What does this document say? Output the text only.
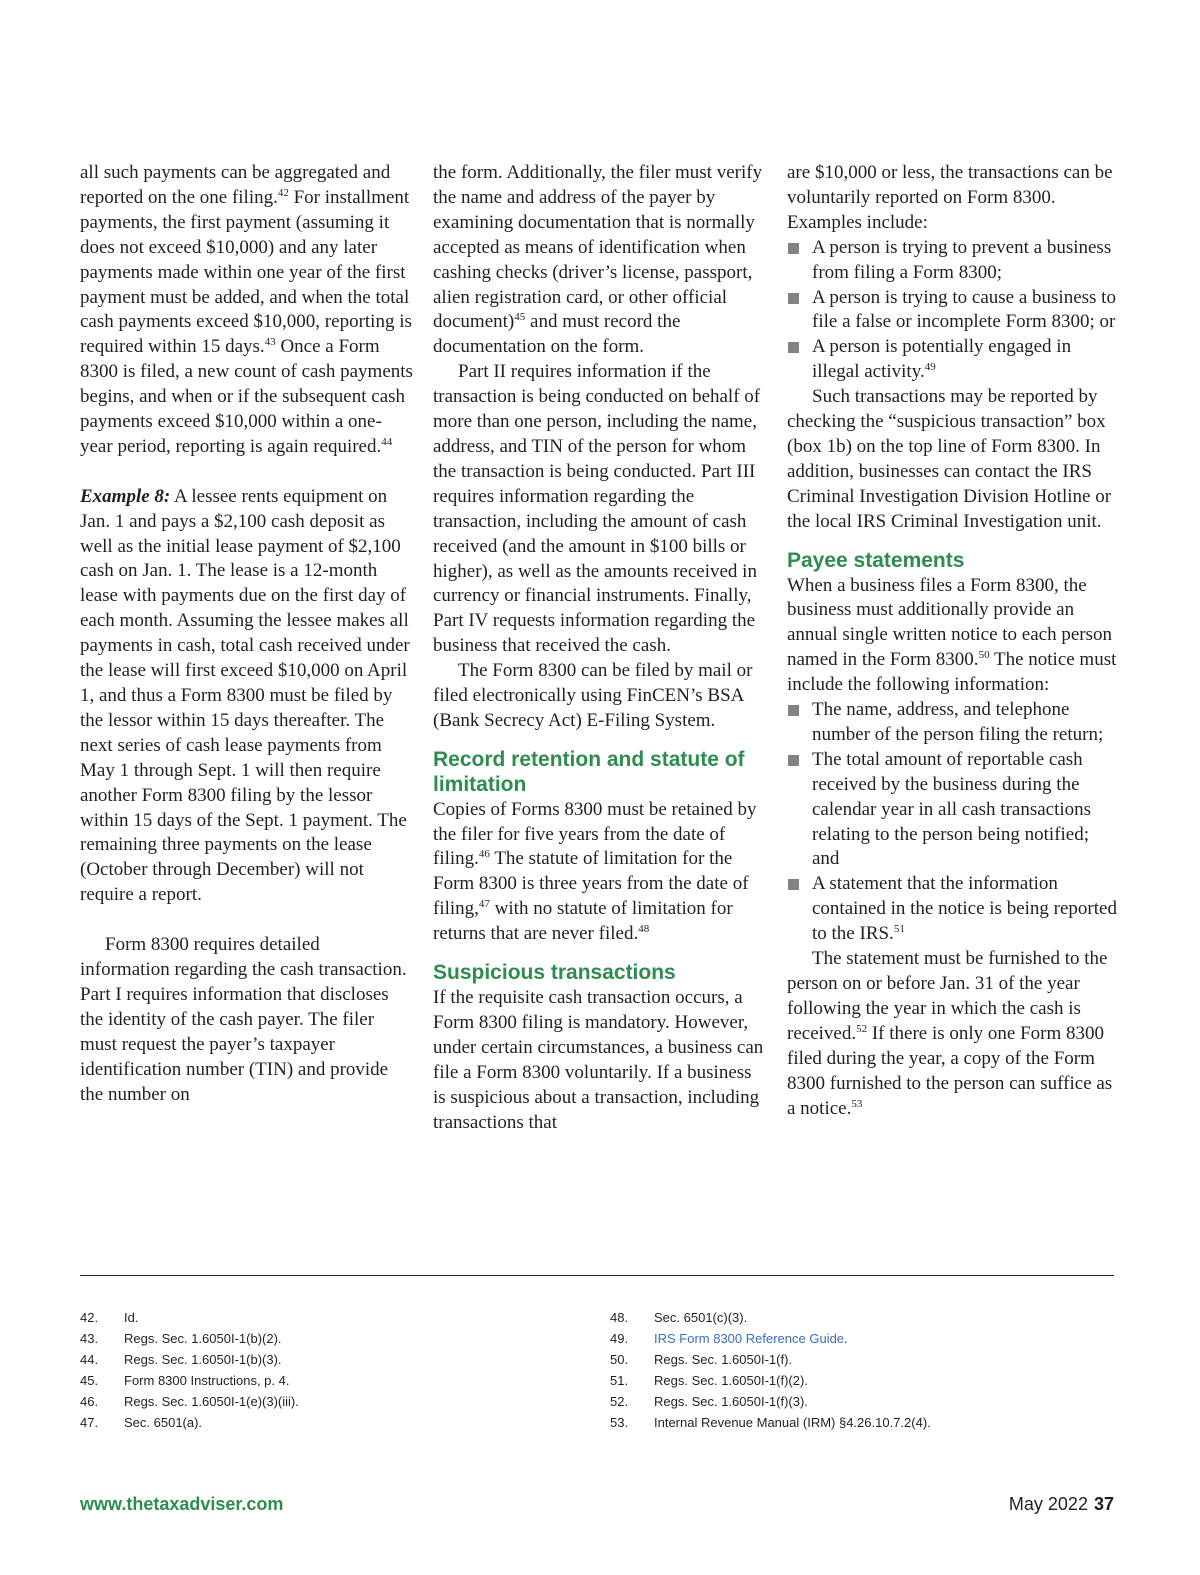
all such payments can be aggregated and reported on the one filing.$^{42}$ For installment payments, the first payment (assuming it does not exceed $10,000) and any later payments made within one year of the first payment must be added, and when the total cash payments exceed $10,000, reporting is required within 15 days.$^{43}$ Once a Form 8300 is filed, a new count of cash payments begins, and when or if the subsequent cash payments exceed $10,000 within a one-year period, reporting is again required.$^{44}$

Example 8: A lessee rents equipment on Jan. 1 and pays a $2,100 cash deposit as well as the initial lease payment of $2,100 cash on Jan. 1. The lease is a 12-month lease with payments due on the first day of each month. Assuming the lessee makes all payments in cash, total cash received under the lease will first exceed $10,000 on April 1, and thus a Form 8300 must be filed by the lessor within 15 days thereafter. The next series of cash lease payments from May 1 through Sept. 1 will then require another Form 8300 filing by the lessor within 15 days of the Sept. 1 payment. The remaining three payments on the lease (October through December) will not require a report.

Form 8300 requires detailed information regarding the cash transaction. Part I requires information that discloses the identity of the cash payer. The filer must request the payer’s taxpayer identification number (TIN) and provide the number on

the form. Additionally, the filer must verify the name and address of the payer by examining documentation that is normally accepted as means of identification when cashing checks (driver’s license, passport, alien registration card, or other official document)$^{45}$ and must record the documentation on the form.

Part II requires information if the transaction is being conducted on behalf of more than one person, including the name, address, and TIN of the person for whom the transaction is being conducted. Part III requires information regarding the transaction, including the amount of cash received (and the amount in $100 bills or higher), as well as the amounts received in currency or financial instruments. Finally, Part IV requests information regarding the business that received the cash.

The Form 8300 can be filed by mail or filed electronically using FinCEN’s BSA (Bank Secrecy Act) E-Filing System.

Record retention and statute of limitation

Copies of Forms 8300 must be retained by the filer for five years from the date of filing.$^{46}$ The statute of limitation for the Form 8300 is three years from the date of filing,$^{47}$ with no statute of limitation for returns that are never filed.$^{48}$

Suspicious transactions

If the requisite cash transaction occurs, a Form 8300 filing is mandatory. However, under certain circumstances, a business can file a Form 8300 voluntarily. If a business is suspicious about a transaction, including transactions that

are $10,000 or less, the transactions can be voluntarily reported on Form 8300. Examples include:

A person is trying to prevent a business from filing a Form 8300;
A person is trying to cause a business to file a false or incomplete Form 8300; or
A person is potentially engaged in illegal activity.$^{49}$

Such transactions may be reported by checking the “suspicious transaction” box (box 1b) on the top line of Form 8300. In addition, businesses can contact the IRS Criminal Investigation Division Hotline or the local IRS Criminal Investigation unit.

Payee statements

When a business files a Form 8300, the business must additionally provide an annual single written notice to each person named in the Form 8300.50 The notice must include the following information:

The name, address, and telephone number of the person filing the return;
The total amount of reportable cash received by the business during the calendar year in all cash transactions relating to the person being notified; and
A statement that the information contained in the notice is being reported to the IRS.$^{51}$

The statement must be furnished to the person on or before Jan. 31 of the year following the year in which the cash is received.$^{52}$ If there is only one Form 8300 filed during the year, a copy of the Form 8300 furnished to the person can suffice as a notice.$^{53}$

42. Id.
43. Regs. Sec. 1.6050I-1(b)(2).
44. Regs. Sec. 1.6050I-1(b)(3).
45. Form 8300 Instructions, p. 4.
46. Regs. Sec. 1.6050I-1(e)(3)(iii).
47. Sec. 6501(a).
48. Sec. 6501(c)(3).
49. IRS Form 8300 Reference Guide.
50. Regs. Sec. 1.6050I-1(f).
51. Regs. Sec. 1.6050I-1(f)(2).
52. Regs. Sec. 1.6050I-1(f)(3).
53. Internal Revenue Manual (IRM) §4.26.10.7.2(4).
www.thetaxadviser.com	May 2022 37
